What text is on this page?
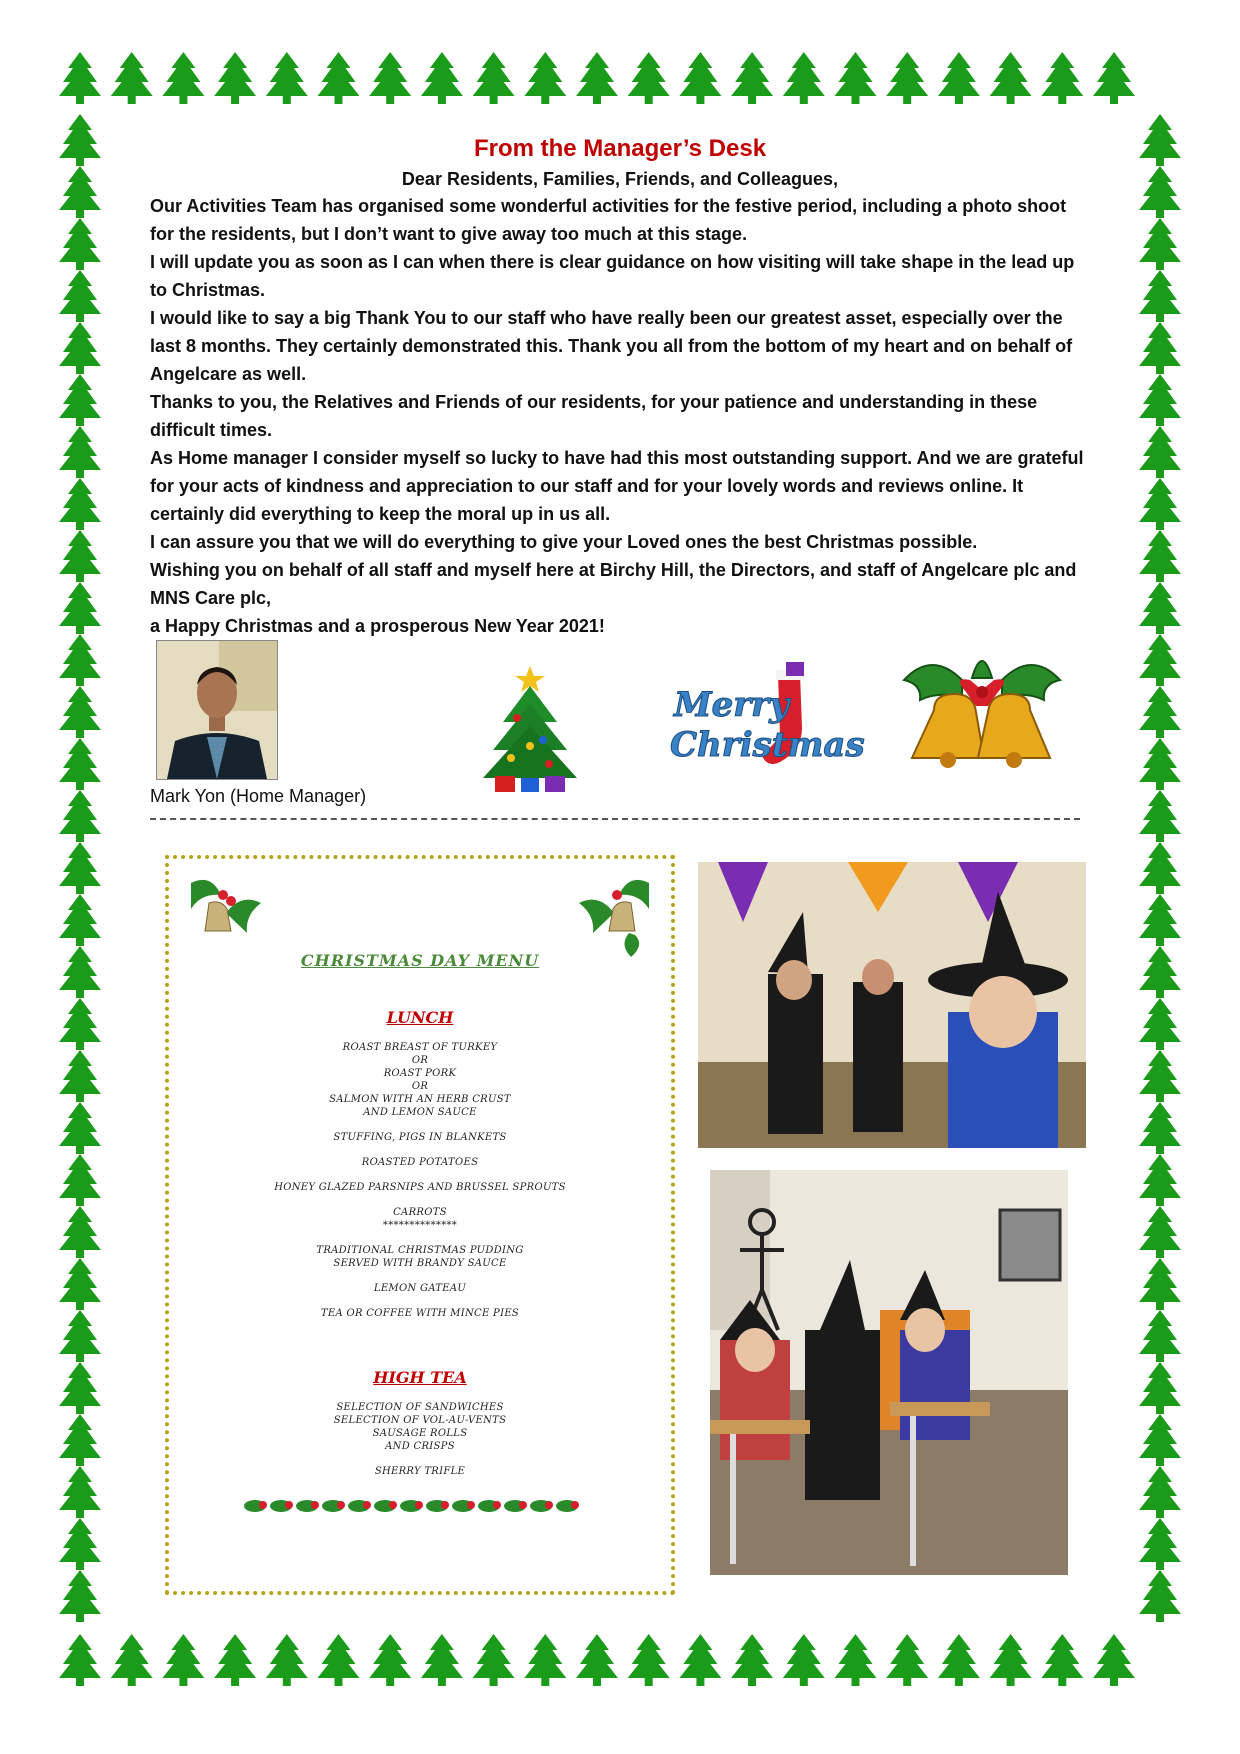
From the Manager’s Desk
Dear Residents, Families, Friends, and Colleagues,

Our Activities Team has organised some wonderful activities for the festive period, including a photo shoot for the residents, but I don’t want to give away too much at this stage.

I will update you as soon as I can when there is clear guidance on how visiting will take shape in the lead up to Christmas.

I would like to say a big Thank You to our staff who have really been our greatest asset, especially over the last 8 months. They certainly demonstrated this. Thank you all from the bottom of my heart and on behalf of Angelcare as well.

Thanks to you, the Relatives and Friends of our residents, for your patience and understanding in these difficult times.

As Home manager I consider myself so lucky to have had this most outstanding support. And we are grateful for your acts of kindness and appreciation to our staff and for your lovely words and reviews online. It certainly did everything to keep the moral up in us all.

I can assure you that we will do everything to give your Loved ones the best Christmas possible.

Wishing you on behalf of all staff and myself here at Birchy Hill, the Directors, and staff of Angelcare plc and MNS Care plc,

a Happy Christmas and a prosperous New Year 2021!

Merry Christmas
Mark Yon (Home Manager)
CHRISTMAS DAY MENU
LUNCH
ROAST BREAST OF TURKEY
OR
ROAST PORK
OR
SALMON WITH AN HERB CRUST
AND LEMON SAUCE
STUFFING, PIGS IN BLANKETS
ROASTED POTATOES
HONEY GLAZED PARSNIPS AND BRUSSEL SPROUTS
CARROTS
**************
TRADITIONAL CHRISTMAS PUDDING
SERVED WITH BRANDY SAUCE
LEMON GATEAU
TEA OR COFFEE WITH MINCE PIES
HIGH TEA
SELECTION OF SANDWICHES
SELECTION OF VOL-AU-VENTS
SAUSAGE ROLLS
AND CRISPS
SHERRY TRIFLE
